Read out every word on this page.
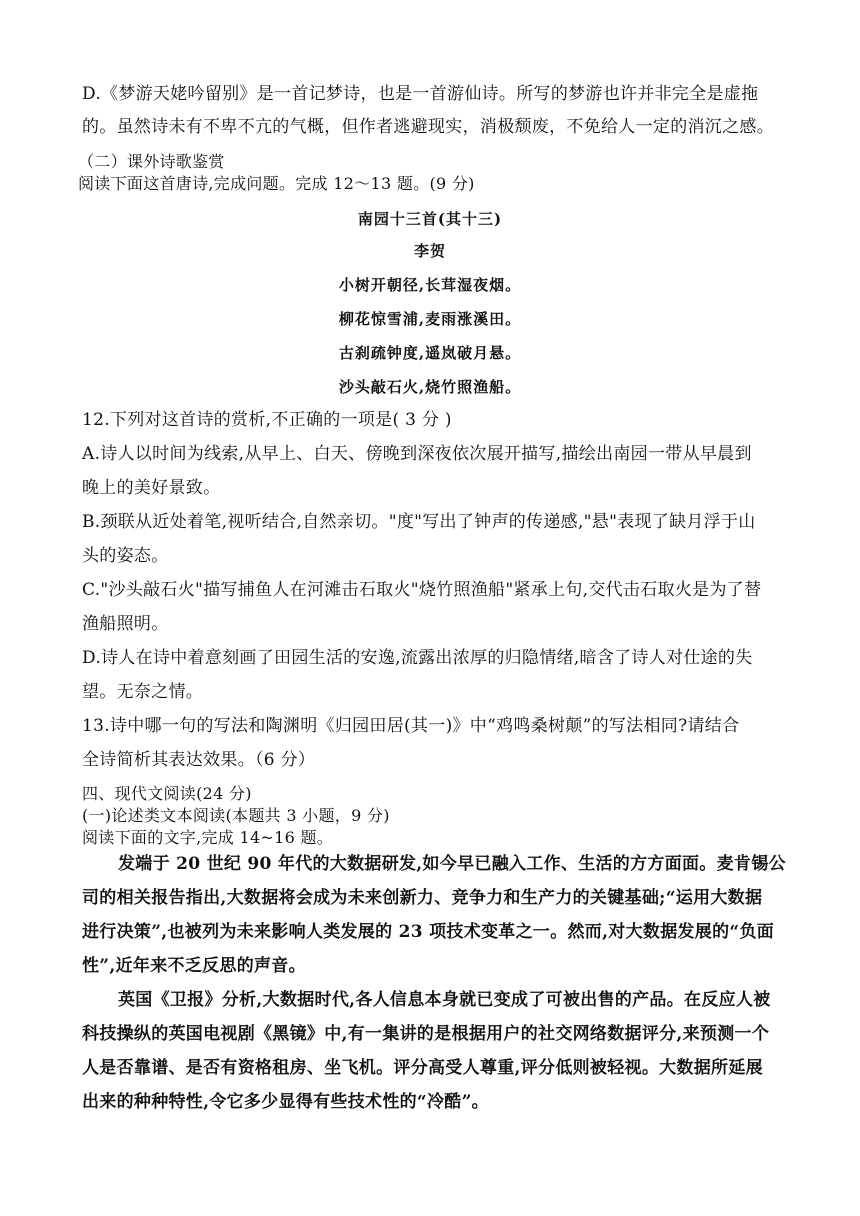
D.《梦游天姥吟留别》是一首记梦诗，也是一首游仙诗。所写的梦游也许并非完全是虚拖
的。虽然诗未有不卑不亢的气概，但作者逃避现实，消极颓废，不免给人一定的消沉之感。
（二）课外诗歌鉴赏
阅读下面这首唐诗,完成问题。完成 12～13 题。(9 分)
南园十三首(其十三)
李贺
小树开朝径,长茸湿夜烟。
柳花惊雪浦,麦雨涨溪田。
古刹疏钟度,遥岚破月悬。
沙头敲石火,烧竹照渔船。
12.下列对这首诗的赏析,不正确的一项是( 3 分 )
A.诗人以时间为线索,从早上、白天、傍晚到深夜依次展开描写,描绘出南园一带从早晨到
晚上的美好景致。
B.颈联从近处着笔,视听结合,自然亲切。"度"写出了钟声的传递感,"悬"表现了缺月浮于山
头的姿态。
C."沙头敲石火"描写捕鱼人在河滩击石取火"烧竹照渔船"紧承上句,交代击石取火是为了替
渔船照明。
D.诗人在诗中着意刻画了田园生活的安逸,流露出浓厚的归隐情绪,暗含了诗人对仕途的失
望。无奈之情。
13.诗中哪一句的写法和陶渊明《归园田居(其一)》中“鸡鸣桑树颠”的写法相同?请结合
全诗简析其表达效果。（6 分）
四、现代文阅读(24 分)
(一)论述类文本阅读(本题共 3 小题，9 分)
阅读下面的文字,完成 14~16 题。
发端于 20 世纪 90 年代的大数据研发,如今早已融入工作、生活的方方面面。麦肯锡公
司的相关报告指出,大数据将会成为未来创新力、竞争力和生产力的关键基础;“运用大数据
进行决策”,也被列为未来影响人类发展的 23 项技术变革之一。然而,对大数据发展的“负面
性”,近年来不乏反思的声音。
英国《卫报》分析,大数据时代,各人信息本身就已变成了可被出售的产品。在反应人被
科技操纵的英国电视剧《黑镜》中,有一集讲的是根据用户的社交网络数据评分,来预测一个
人是否靠谱、是否有资格租房、坐飞机。评分高受人尊重,评分低则被轻视。大数据所延展
出来的种种特性,令它多少显得有些技术性的“冷酷”。
